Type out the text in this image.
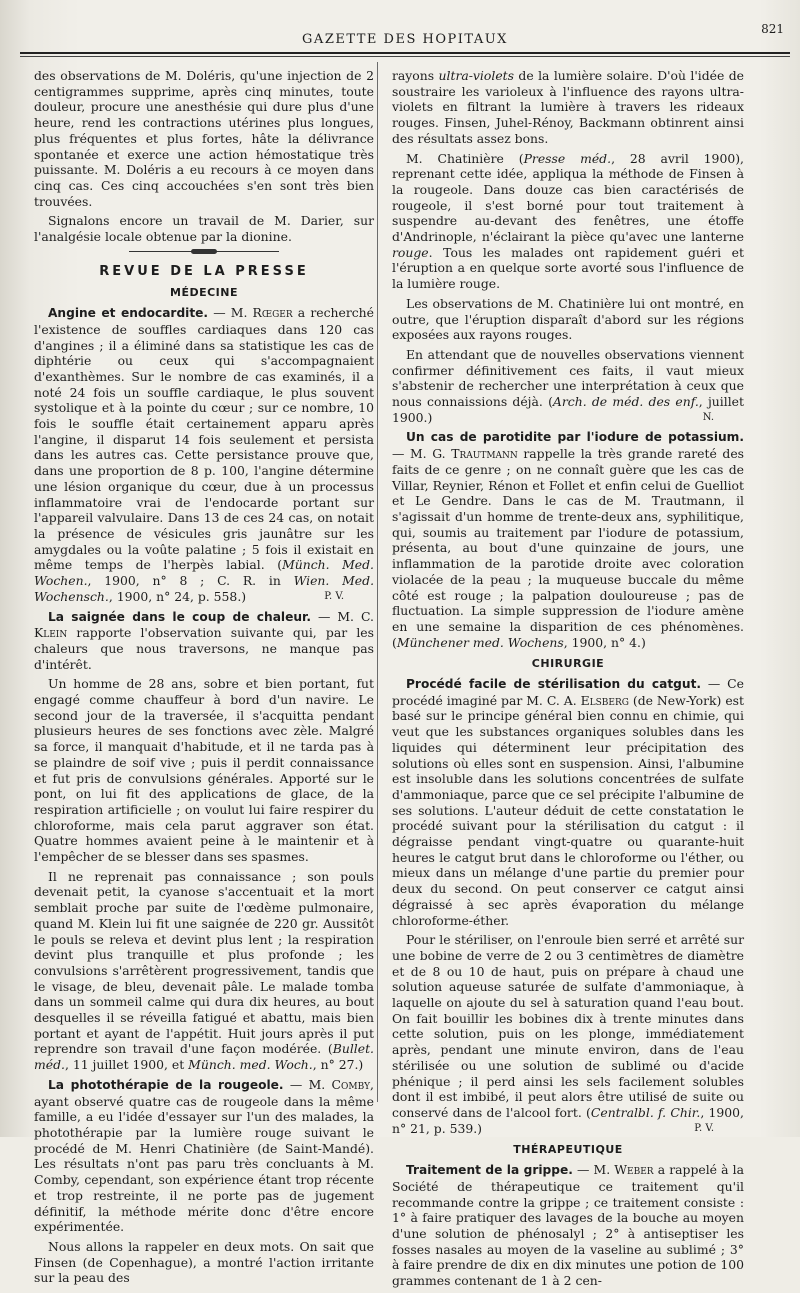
GAZETTE DES HOPITAUX
821

des observations de M. Doléris, qu'une injection de 2 centigrammes supprime, après cinq minutes, toute douleur, procure une anesthésie qui dure plus d'une heure, rend les contractions utérines plus longues, plus fréquentes et plus fortes, hâte la délivrance spontanée et exerce une action hémostatique très puissante. M. Doléris a eu recours à ce moyen dans cinq cas. Ces cinq accouchées s'en sont très bien trouvées.

Signalons encore un travail de M. Darier, sur l'analgésie locale obtenue par la dionine.

REVUE DE LA PRESSE
MÉDECINE

Angine et endocardite. — M. Rœger a recherché l'existence de souffles cardiaques dans 120 cas d'angines ; il a éliminé dans sa statistique les cas de diphtérie ou ceux qui s'accompagnaient d'exanthèmes. Sur le nombre de cas examinés, il a noté 24 fois un souffle cardiaque, le plus souvent systolique et à la pointe du cœur ; sur ce nombre, 10 fois le souffle était certainement apparu après l'angine, il disparut 14 fois seulement et persista dans les autres cas. Cette persistance prouve que, dans une proportion de 8 p. 100, l'angine détermine une lésion organique du cœur, due à un processus inflammatoire vrai de l'endocarde portant sur l'appareil valvulaire. Dans 13 de ces 24 cas, on notait la présence de vésicules gris jaunâtre sur les amygdales ou la voûte palatine ; 5 fois il existait en même temps de l'herpès labial. (Münch. Med. Wochen., 1900, n° 8 ; C. R. in Wien. Med. Wochensch., 1900, n° 24, p. 558.)	P. V.

La saignée dans le coup de chaleur. — M. C. Klein rapporte l'observation suivante qui, par les chaleurs que nous traversons, ne manque pas d'intérêt.

Un homme de 28 ans, sobre et bien portant, fut engagé comme chauffeur à bord d'un navire. Le second jour de la traversée, il s'acquitta pendant plusieurs heures de ses fonctions avec zèle. Malgré sa force, il manquait d'habitude, et il ne tarda pas à se plaindre de soif vive ; puis il perdit connaissance et fut pris de convulsions générales. Apporté sur le pont, on lui fit des applications de glace, de la respiration artificielle ; on voulut lui faire respirer du chloroforme, mais cela parut aggraver son état. Quatre hommes avaient peine à le maintenir et à l'empêcher de se blesser dans ses spasmes.

Il ne reprenait pas connaissance ; son pouls devenait petit, la cyanose s'accentuait et la mort semblait proche par suite de l'œdème pulmonaire, quand M. Klein lui fit une saignée de 220 gr. Aussitôt le pouls se releva et devint plus lent ; la respiration devint plus tranquille et plus profonde ; les convulsions s'arrêtèrent progressivement, tandis que le visage, de bleu, devenait pâle. Le malade tomba dans un sommeil calme qui dura dix heures, au bout desquelles il se réveilla fatigué et abattu, mais bien portant et ayant de l'appétit. Huit jours après il put reprendre son travail d'une façon modérée. (Bullet. méd., 11 juillet 1900, et Münch. med. Woch., n° 27.)

La photothérapie de la rougeole. — M. Comby, ayant observé quatre cas de rougeole dans la même famille, a eu l'idée d'essayer sur l'un des malades, la photothérapie par la lumière rouge suivant le procédé de M. Henri Chatinière (de Saint-Mandé). Les résultats n'ont pas paru très concluants à M. Comby, cependant, son expérience étant trop récente et trop restreinte, il ne porte pas de jugement définitif, la méthode mérite donc d'être encore expérimentée.

Nous allons la rappeler en deux mots. On sait que Finsen (de Copenhague), a montré l'action irritante sur la peau des

rayons ultra-violets de la lumière solaire. D'où l'idée de soustraire les varioleux à l'influence des rayons ultra-violets en filtrant la lumière à travers les rideaux rouges. Finsen, Juhel-Rénoy, Backmann obtinrent ainsi des résultats assez bons.

M. Chatinière (Presse méd., 28 avril 1900), reprenant cette idée, appliqua la méthode de Finsen à la rougeole. Dans douze cas bien caractérisés de rougeole, il s'est borné pour tout traitement à suspendre au-devant des fenêtres, une étoffe d'Andrinople, n'éclairant la pièce qu'avec une lanterne rouge. Tous les malades ont rapidement guéri et l'éruption a en quelque sorte avorté sous l'influence de la lumière rouge.

Les observations de M. Chatinière lui ont montré, en outre, que l'éruption disparaît d'abord sur les régions exposées aux rayons rouges.

En attendant que de nouvelles observations viennent confirmer définitivement ces faits, il vaut mieux s'abstenir de rechercher une interprétation à ceux que nous connaissions déjà. (Arch. de méd. des enf., juillet 1900.)	N.

Un cas de parotidite par l'iodure de potassium. — M. G. Trautmann rappelle la très grande rareté des faits de ce genre ; on ne connaît guère que les cas de Villar, Reynier, Rénon et Follet et enfin celui de Guelliot et Le Gendre. Dans le cas de M. Trautmann, il s'agissait d'un homme de trente-deux ans, syphilitique, qui, soumis au traitement par l'iodure de potassium, présenta, au bout d'une quinzaine de jours, une inflammation de la parotide droite avec coloration violacée de la peau ; la muqueuse buccale du même côté est rouge ; la palpation douloureuse ; pas de fluctuation. La simple suppression de l'iodure amène en une semaine la disparition de ces phénomènes. (Münchener med. Wochens, 1900, n° 4.)

CHIRURGIE

Procédé facile de stérilisation du catgut. — Ce procédé imaginé par M. C. A. Elsberg (de New-York) est basé sur le principe général bien connu en chimie, qui veut que les substances organiques solubles dans les liquides qui déterminent leur précipitation des solutions où elles sont en suspension. Ainsi, l'albumine est insoluble dans les solutions concentrées de sulfate d'ammoniaque, parce que ce sel précipite l'albumine de ses solutions. L'auteur déduit de cette constatation le procédé suivant pour la stérilisation du catgut : il dégraisse pendant vingt-quatre ou quarante-huit heures le catgut brut dans le chloroforme ou l'éther, ou mieux dans un mélange d'une partie du premier pour deux du second. On peut conserver ce catgut ainsi dégraissé à sec après évaporation du mélange chloroforme-éther.

Pour le stériliser, on l'enroule bien serré et arrêté sur une bobine de verre de 2 ou 3 centimètres de diamètre et de 8 ou 10 de haut, puis on prépare à chaud une solution aqueuse saturée de sulfate d'ammoniaque, à laquelle on ajoute du sel à saturation quand l'eau bout. On fait bouillir les bobines dix à trente minutes dans cette solution, puis on les plonge, immédiatement après, pendant une minute environ, dans de l'eau stérilisée ou une solution de sublimé ou d'acide phénique ; il perd ainsi les sels facilement solubles dont il est imbibé, il peut alors être utilisé de suite ou conservé dans de l'alcool fort. (Centralbl. f. Chir., 1900, n° 21, p. 539.)	P. V.

THÉRAPEUTIQUE

Traitement de la grippe. — M. Weber a rappelé à la Société de thérapeutique ce traitement qu'il recommande contre la grippe ; ce traitement consiste : 1° à faire pratiquer des lavages de la bouche au moyen d'une solution de phénosalyl ; 2° à antiseptiser les fosses nasales au moyen de la vaseline au sublimé ; 3° à faire prendre de dix en dix minutes une potion de 100 grammes contenant de 1 à 2 cen-
